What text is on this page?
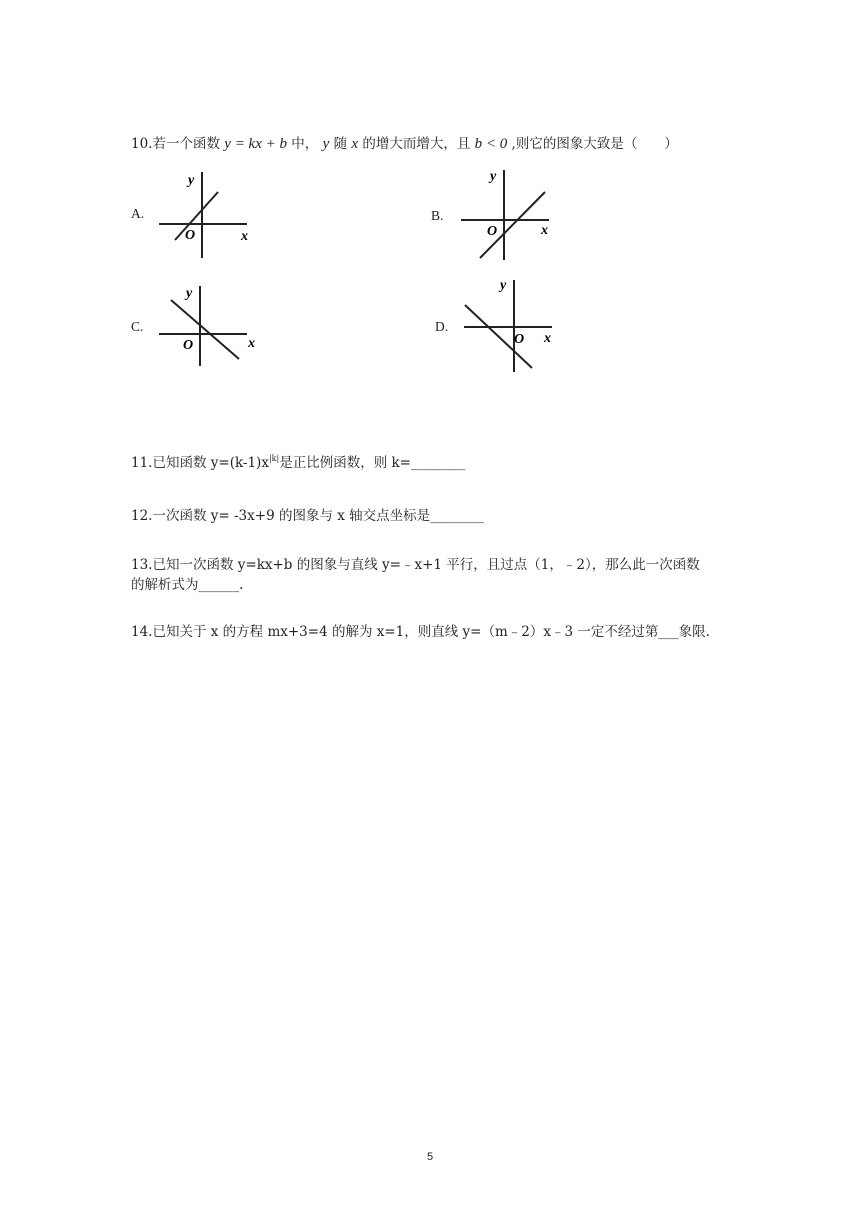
10.若一个函数 y = kx + b 中， y 随 x 的增大而增大，且 b < 0 ,则它的图象大致是（　　）
A.
y
O	x
B.
y
O	x
C.
y
O	x
D.
y
O x
11.已知函数 $y=(k-1)x^{|k|}$是正比例函数，则 k=________
12.一次函数 y= -3x+9 的图象与 x 轴交点坐标是________
13.已知一次函数 y=kx+b 的图象与直线 y=﹣x+1 平行，且过点（1，﹣2），那么此一次函数
的解析式为______.
14.已知关于 x 的方程 mx+3=4 的解为 x=1，则直线 y=（m﹣2）x﹣3 一定不经过第___象限.
5
